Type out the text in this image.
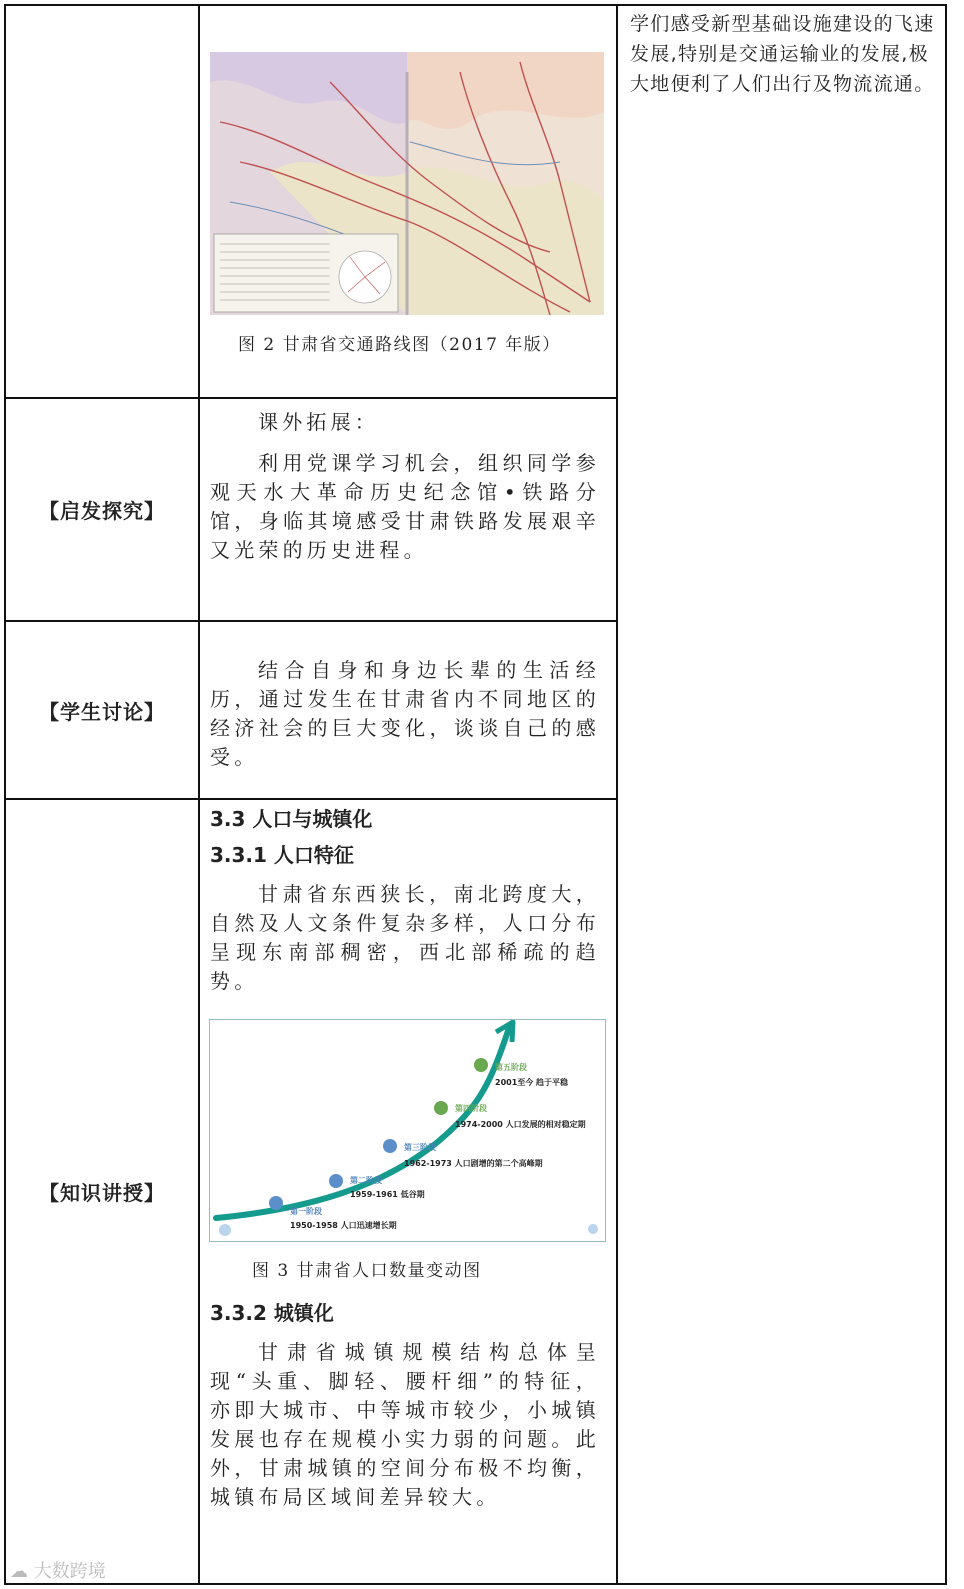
学们感受新型基础设施建设的飞速发展,特别是交通运输业的发展,极大地便利了人们出行及物流流通。
图 2 甘肃省交通路线图（2017 年版）
【启发探究】
课外拓展：
利用党课学习机会，组织同学参观天水大革命历史纪念馆•铁路分馆，身临其境感受甘肃铁路发展艰辛又光荣的历史进程。
【学生讨论】
结合自身和身边长辈的生活经历，通过发生在甘肃省内不同地区的经济社会的巨大变化，谈谈自己的感受。
【知识讲授】
3.3 人口与城镇化
3.3.1 人口特征
甘肃省东西狭长，南北跨度大，自然及人文条件复杂多样，人口分布呈现东南部稠密，西北部稀疏的趋势。
第一阶段
1950-1958 人口迅速增长期
第二阶段
1959-1961 低谷期
第三阶段
1962-1973 人口剧增的第二个高峰期
第四阶段
1974-2000 人口发展的相对稳定期
第五阶段
2001至今 趋于平稳
图 3 甘肃省人口数量变动图
3.3.2 城镇化
甘肃省城镇规模结构总体呈现“头重、脚轻、腰杆细”的特征，亦即大城市、中等城市较少，小城镇发展也存在规模小实力弱的问题。此外，甘肃城镇的空间分布极不均衡，城镇布局区域间差异较大。
☁ 大数跨境
